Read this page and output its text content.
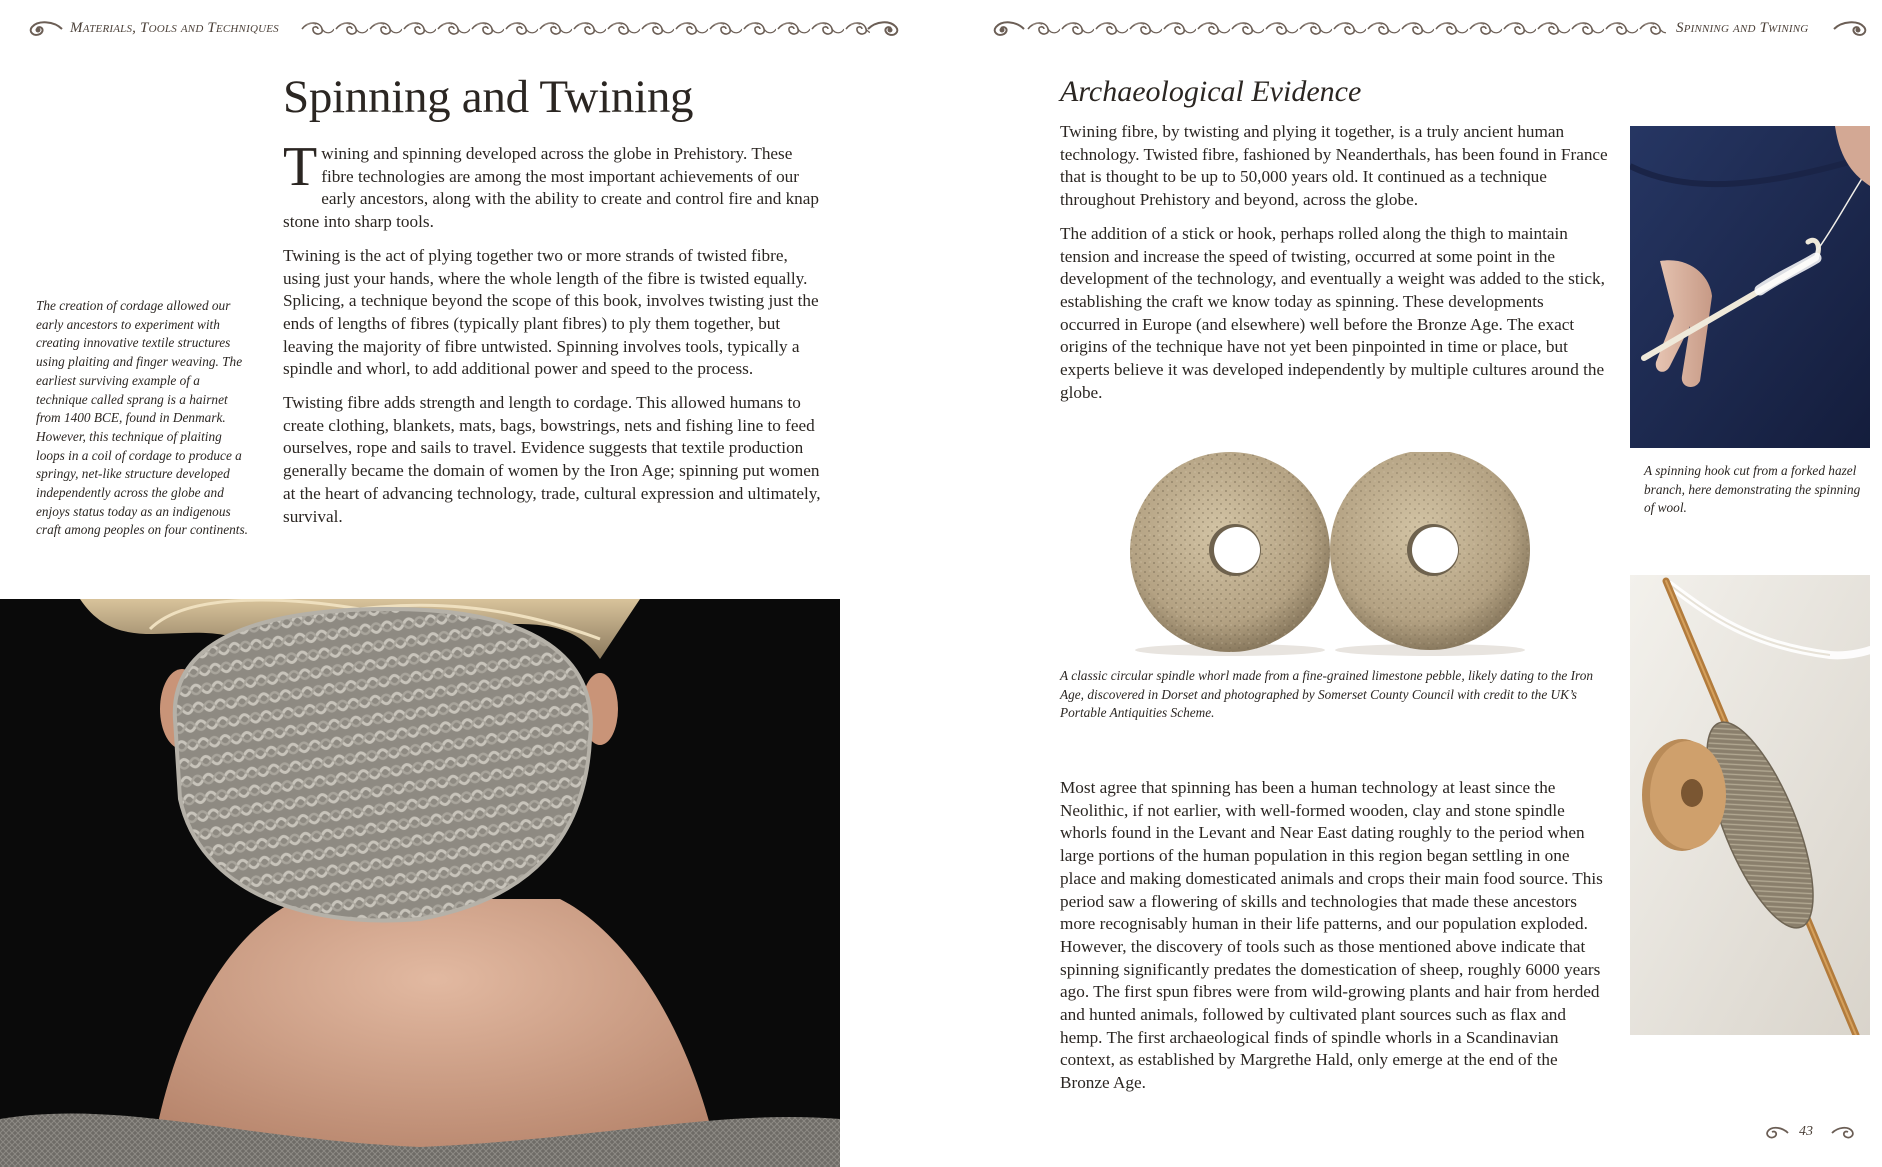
Materials, Tools and Techniques
Spinning and Twining

Twining and spinning developed across the globe in Prehistory. These fibre technologies are among the most important achievements of our early ancestors, along with the ability to create and control fire and knap stone into sharp tools.

Twining is the act of plying together two or more strands of twisted fibre, using just your hands, where the whole length of the fibre is twisted equally. Splicing, a technique beyond the scope of this book, involves twisting just the ends of lengths of fibres (typically plant fibres) to ply them together, but leaving the majority of fibre untwisted. Spinning involves tools, typically a spindle and whorl, to add additional power and speed to the process.

Twisting fibre adds strength and length to cordage. This allowed humans to create clothing, blankets, mats, bags, bowstrings, nets and fishing line to feed ourselves, rope and sails to travel. Evidence suggests that textile production generally became the domain of women by the Iron Age; spinning put women at the heart of advancing technology, trade, cultural expression and ultimately, survival.

The creation of cordage allowed our early ancestors to experiment with creating innovative textile structures using plaiting and finger weaving. The earliest surviving example of a technique called sprang is a hairnet from 1400 BCE, found in Denmark. However, this technique of plaiting loops in a coil of cordage to produce a springy, net-like structure developed independently across the globe and enjoys status today as an indigenous craft among peoples on four continents.
Spinning and Twining
Archaeological Evidence

Twining fibre, by twisting and plying it together, is a truly ancient human technology. Twisted fibre, fashioned by Neanderthals, has been found in France that is thought to be up to 50,000 years old. It continued as a technique throughout Prehistory and beyond, across the globe.

The addition of a stick or hook, perhaps rolled along the thigh to maintain tension and increase the speed of twisting, occurred at some point in the development of the technology, and eventually a weight was added to the stick, establishing the craft we know today as spinning. These developments occurred in Europe (and elsewhere) well before the Bronze Age. The exact origins of the technique have not yet been pinpointed in time or place, but experts believe it was developed independently by multiple cultures around the globe.

A classic circular spindle whorl made from a fine-grained limestone pebble, likely dating to the Iron Age, discovered in Dorset and photographed by Somerset County Council with credit to the UK’s Portable Antiquities Scheme.

Most agree that spinning has been a human technology at least since the Neolithic, if not earlier, with well-formed wooden, clay and stone spindle whorls found in the Levant and Near East dating roughly to the period when large portions of the human population in this region began settling in one place and making domesticated animals and crops their main food source. This period saw a flowering of skills and technologies that made these ancestors more recognisably human in their life patterns, and our population exploded. However, the discovery of tools such as those mentioned above indicate that spinning significantly predates the domestication of sheep, roughly 6000 years ago. The first spun fibres were from wild-growing plants and hair from herded and hunted animals, followed by cultivated plant sources such as flax and hemp. The first archaeological finds of spindle whorls in a Scandinavian context, as established by Margrethe Hald, only emerge at the end of the Bronze Age.

A spinning hook cut from a forked hazel branch, here demonstrating the spinning of wool.
43
